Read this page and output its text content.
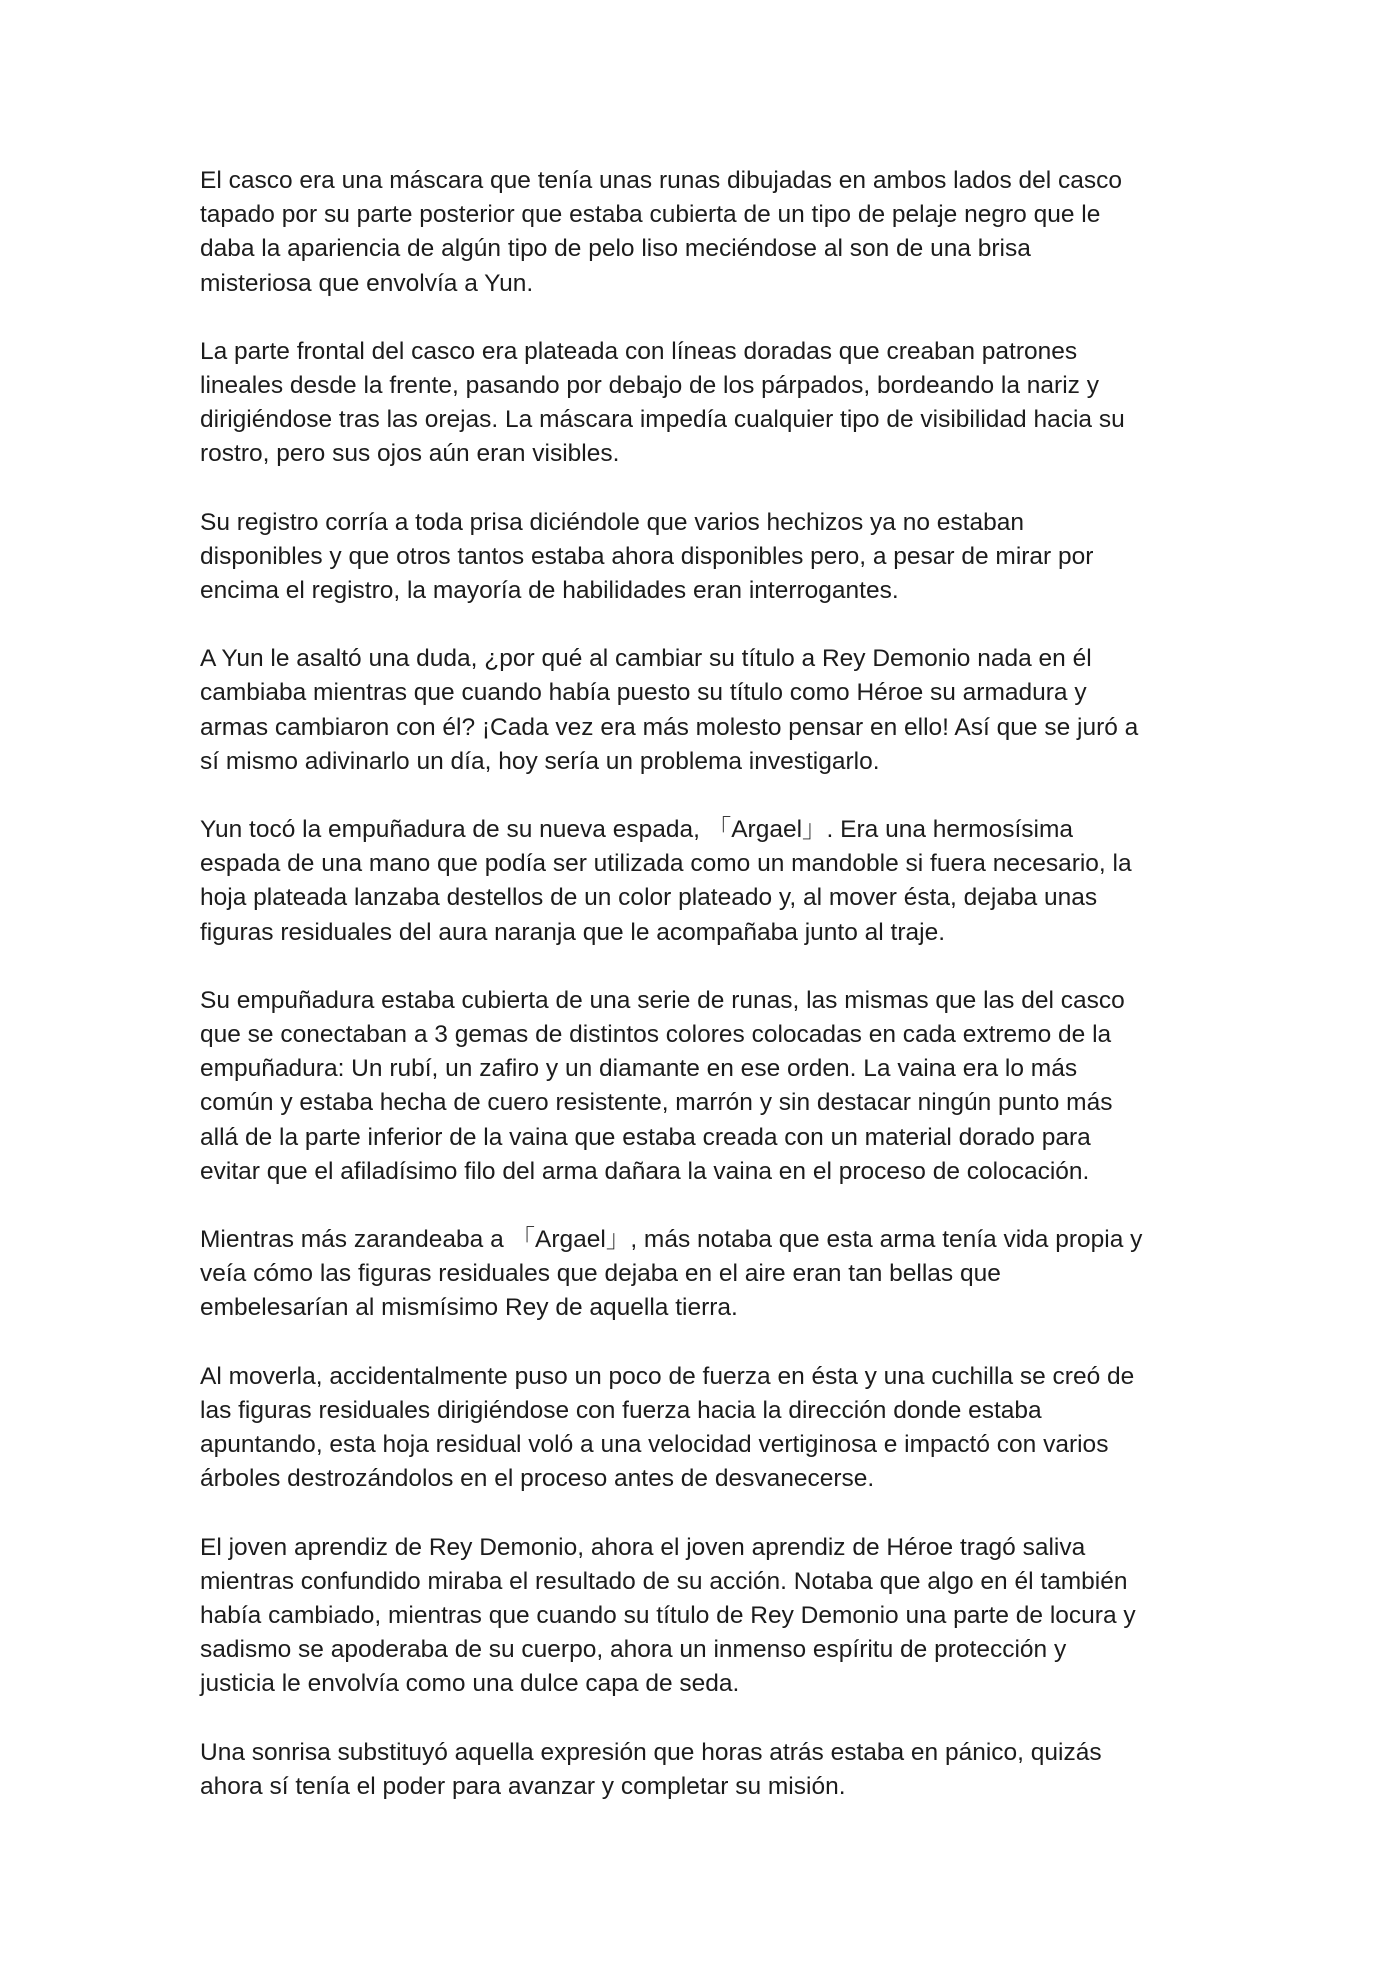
El casco era una máscara que tenía unas runas dibujadas en ambos lados del casco
tapado por su parte posterior que estaba cubierta de un tipo de pelaje negro que le
daba la apariencia de algún tipo de pelo liso meciéndose al son de una brisa
misteriosa que envolvía a Yun.

La parte frontal del casco era plateada con líneas doradas que creaban patrones
lineales desde la frente, pasando por debajo de los párpados, bordeando la nariz y
dirigiéndose tras las orejas. La máscara impedía cualquier tipo de visibilidad hacia su
rostro, pero sus ojos aún eran visibles.

Su registro corría a toda prisa diciéndole que varios hechizos ya no estaban
disponibles y que otros tantos estaba ahora disponibles pero, a pesar de mirar por
encima el registro, la mayoría de habilidades eran interrogantes.

A Yun le asaltó una duda, ¿por qué al cambiar su título a Rey Demonio nada en él
cambiaba mientras que cuando había puesto su título como Héroe su armadura y
armas cambiaron con él? ¡Cada vez era más molesto pensar en ello! Así que se juró a
sí mismo adivinarlo un día, hoy sería un problema investigarlo.

Yun tocó la empuñadura de su nueva espada, 「Argael」. Era una hermosísima
espada de una mano que podía ser utilizada como un mandoble si fuera necesario, la
hoja plateada lanzaba destellos de un color plateado y, al mover ésta, dejaba unas
figuras residuales del aura naranja que le acompañaba junto al traje.

Su empuñadura estaba cubierta de una serie de runas, las mismas que las del casco
que se conectaban a 3 gemas de distintos colores colocadas en cada extremo de la
empuñadura: Un rubí, un zafiro y un diamante en ese orden. La vaina era lo más
común y estaba hecha de cuero resistente, marrón y sin destacar ningún punto más
allá de la parte inferior de la vaina que estaba creada con un material dorado para
evitar que el afiladísimo filo del arma dañara la vaina en el proceso de colocación.

Mientras más zarandeaba a 「Argael」, más notaba que esta arma tenía vida propia y
veía cómo las figuras residuales que dejaba en el aire eran tan bellas que
embelesarían al mismísimo Rey de aquella tierra.

Al moverla, accidentalmente puso un poco de fuerza en ésta y una cuchilla se creó de
las figuras residuales dirigiéndose con fuerza hacia la dirección donde estaba
apuntando, esta hoja residual voló a una velocidad vertiginosa e impactó con varios
árboles destrozándolos en el proceso antes de desvanecerse.

El joven aprendiz de Rey Demonio, ahora el joven aprendiz de Héroe tragó saliva
mientras confundido miraba el resultado de su acción. Notaba que algo en él también
había cambiado, mientras que cuando su título de Rey Demonio una parte de locura y
sadismo se apoderaba de su cuerpo, ahora un inmenso espíritu de protección y
justicia le envolvía como una dulce capa de seda.

Una sonrisa substituyó aquella expresión que horas atrás estaba en pánico, quizás
ahora sí tenía el poder para avanzar y completar su misión.
